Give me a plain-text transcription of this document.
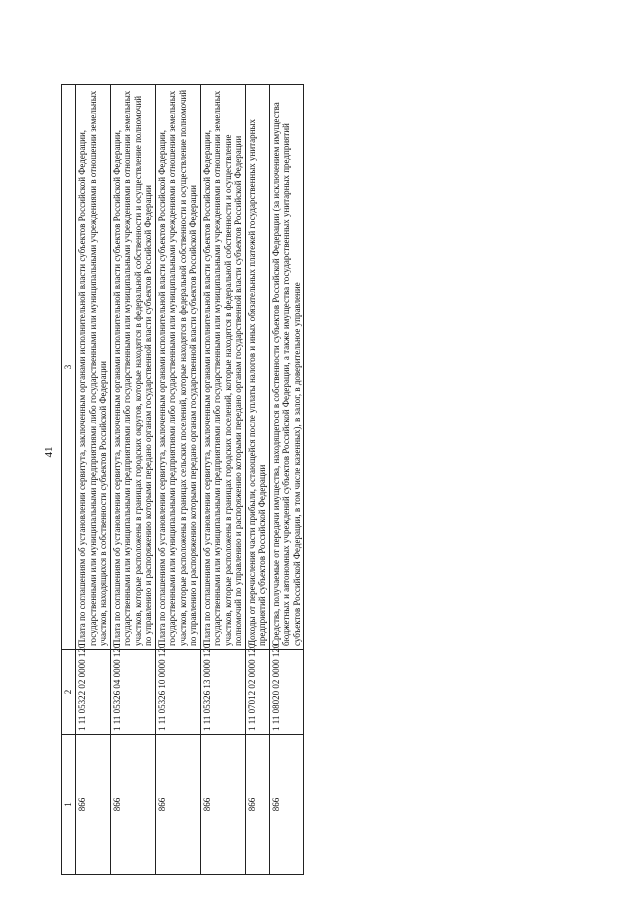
41
1	2	3
866	1 11 05322 02 0000 120	Плата по соглашениям об установлении сервитута, заключенным органами исполнительной власти субъектов Российской Федерации, государственными или муниципальными предприятиями либо государственными или муниципальными учреждениями в отношении земельных участков, находящихся в собственности субъектов Российской Федерации
866	1 11 05326 04 0000 120	Плата по соглашениям об установлении сервитута, заключенным органами исполнительной власти субъектов Российской Федерации, государственными или муниципальными предприятиями либо государственными или муниципальными учреждениями в отношении земельных участков, которые расположены в границах городских округов, которые находятся в федеральной собственности и осуществление полномочий по управлению и распоряжению которыми передано органам государственной власти субъектов Российской Федерации
866	1 11 05326 10 0000 120	Плата по соглашениям об установлении сервитута, заключенным органами исполнительной власти субъектов Российской Федерации, государственными или муниципальными предприятиями либо государственными или муниципальными учреждениями в отношении земельных участков, которые расположены в границах сельских поселений, которые находятся в федеральной собственности и осуществление полномочий по управлению и распоряжению которыми передано органам государственной власти субъектов Российской Федерации
866	1 11 05326 13 0000 120	Плата по соглашениям об установлении сервитута, заключенным органами исполнительной власти субъектов Российской Федерации, государственными или муниципальными предприятиями либо государственными или муниципальными учреждениями в отношении земельных участков, которые расположены в границах городских поселений, которые находятся в федеральной собственности и осуществление полномочий по управлению и распоряжению которыми передано органам государственной власти субъектов Российской Федерации
866	1 11 07012 02 0000 120	Доходы от перечисления части прибыли, остающейся после уплаты налогов и иных обязательных платежей государственных унитарных предприятий субъектов Российской Федерации
866	1 11 08020 02 0000 120	Средства, получаемые от передачи имущества, находящегося в собственности субъектов Российской Федерации (за исключением имущества бюджетных и автономных учреждений субъектов Российской Федерации, а также имущества государственных унитарных предприятий субъектов Российской Федерации, в том числе казенных), в залог, в доверительное управление
